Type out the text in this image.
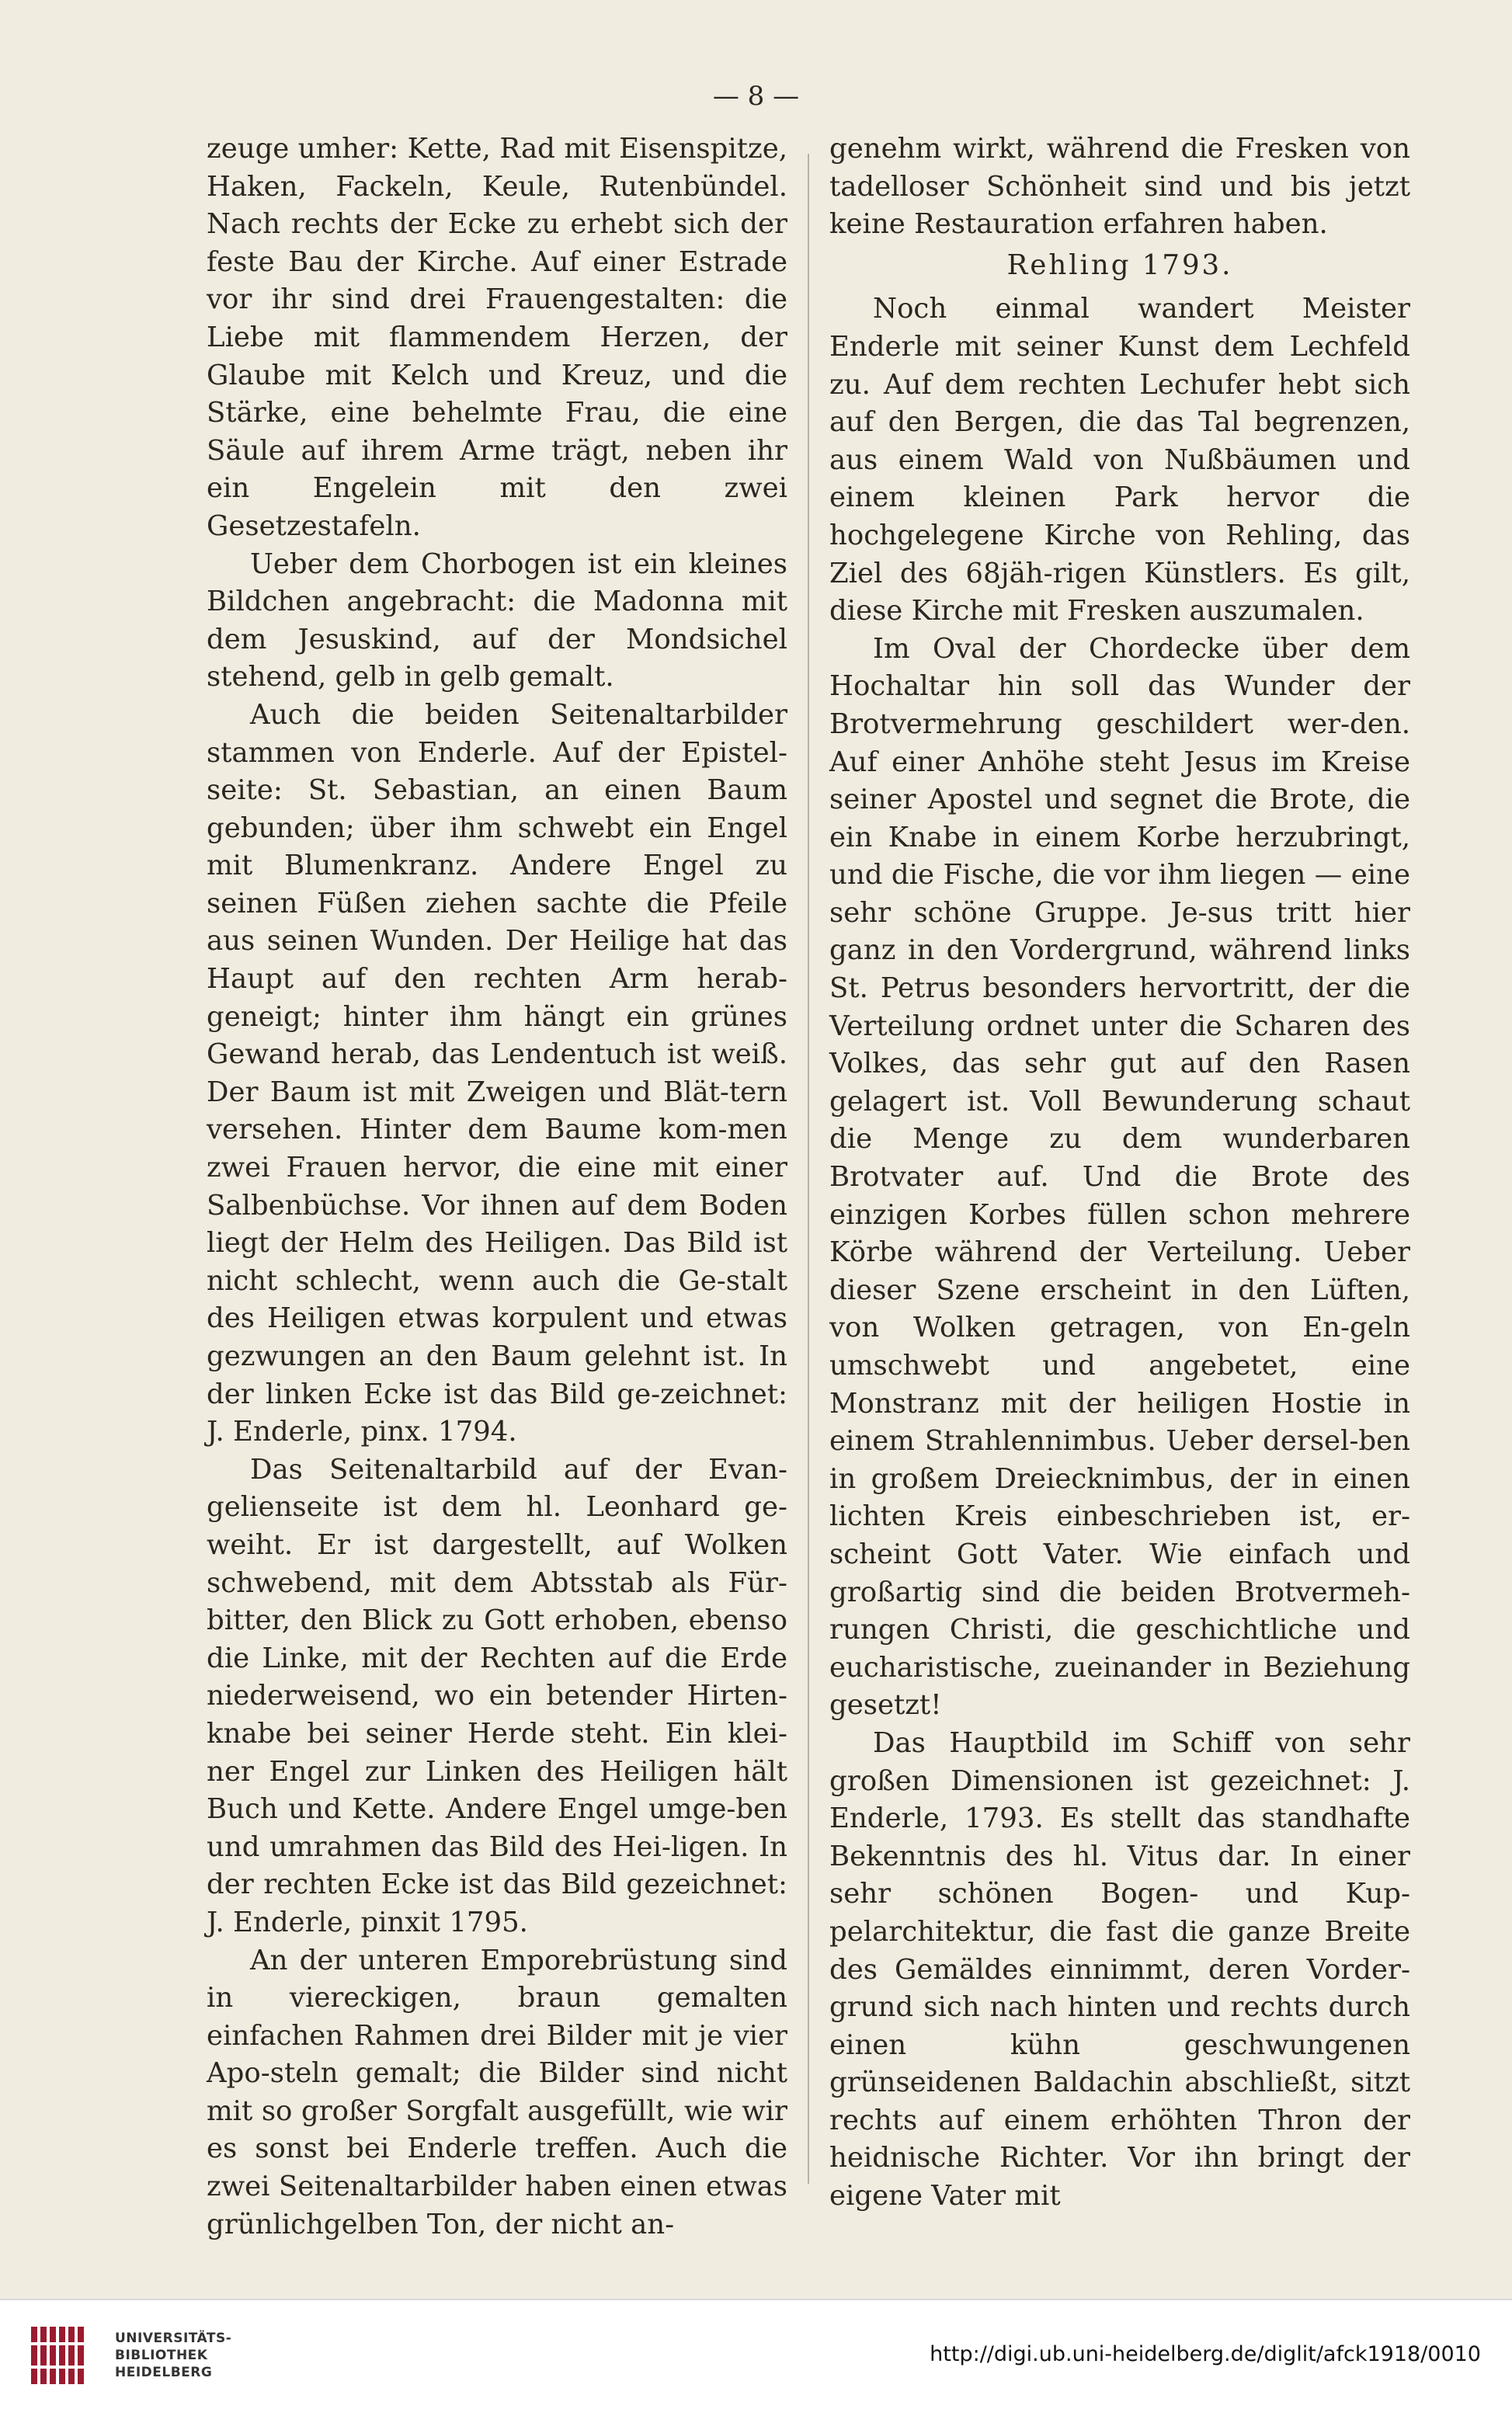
— 8 —

zeuge umher: Kette, Rad mit Eisenspitze, Haken, Fackeln, Keule, Rutenbündel. Nach rechts der Ecke zu erhebt sich der feste Bau der Kirche. Auf einer Estrade vor ihr sind drei Frauengestalten: die Liebe mit flammendem Herzen, der Glaube mit Kelch und Kreuz, und die Stärke, eine behelmte Frau, die eine Säule auf ihrem Arme trägt, neben ihr ein Engelein mit den zwei Gesetzestafeln.

Ueber dem Chorbogen ist ein kleines Bildchen angebracht: die Madonna mit dem Jesuskind, auf der Mondsichel stehend, gelb in gelb gemalt.

Auch die beiden Seitenaltarbilder stammen von Enderle. Auf der Epistel-seite: St. Sebastian, an einen Baum gebunden; über ihm schwebt ein Engel mit Blumenkranz. Andere Engel zu seinen Füßen ziehen sachte die Pfeile aus seinen Wunden. Der Heilige hat das Haupt auf den rechten Arm herab-geneigt; hinter ihm hängt ein grünes Gewand herab, das Lendentuch ist weiß. Der Baum ist mit Zweigen und Blät-tern versehen. Hinter dem Baume kom-men zwei Frauen hervor, die eine mit einer Salbenbüchse. Vor ihnen auf dem Boden liegt der Helm des Heiligen. Das Bild ist nicht schlecht, wenn auch die Ge-stalt des Heiligen etwas korpulent und etwas gezwungen an den Baum gelehnt ist. In der linken Ecke ist das Bild ge-zeichnet: J. Enderle, pinx. 1794.

Das Seitenaltarbild auf der Evan-gelienseite ist dem hl. Leonhard ge-weiht. Er ist dargestellt, auf Wolken schwebend, mit dem Abtsstab als Für-bitter, den Blick zu Gott erhoben, ebenso die Linke, mit der Rechten auf die Erde niederweisend, wo ein betender Hirten-knabe bei seiner Herde steht. Ein klei-ner Engel zur Linken des Heiligen hält Buch und Kette. Andere Engel umge-ben und umrahmen das Bild des Hei-ligen. In der rechten Ecke ist das Bild gezeichnet: J. Enderle, pinxit 1795.

An der unteren Emporebrüstung sind in viereckigen, braun gemalten einfachen Rahmen drei Bilder mit je vier Apo-steln gemalt; die Bilder sind nicht mit so großer Sorgfalt ausgefüllt, wie wir es sonst bei Enderle treffen. Auch die zwei Seitenaltarbilder haben einen etwas grünlichgelben Ton, der nicht an-

genehm wirkt, während die Fresken von tadelloser Schönheit sind und bis jetzt keine Restauration erfahren haben.

Rehling 1793.

Noch einmal wandert Meister Enderle mit seiner Kunst dem Lechfeld zu. Auf dem rechten Lechufer hebt sich auf den Bergen, die das Tal begrenzen, aus einem Wald von Nußbäumen und einem kleinen Park hervor die hochgelegene Kirche von Rehling, das Ziel des 68jäh-rigen Künstlers. Es gilt, diese Kirche mit Fresken auszumalen.

Im Oval der Chordecke über dem Hochaltar hin soll das Wunder der Brotvermehrung geschildert wer-den. Auf einer Anhöhe steht Jesus im Kreise seiner Apostel und segnet die Brote, die ein Knabe in einem Korbe herzubringt, und die Fische, die vor ihm liegen — eine sehr schöne Gruppe. Je-sus tritt hier ganz in den Vordergrund, während links St. Petrus besonders hervortritt, der die Verteilung ordnet unter die Scharen des Volkes, das sehr gut auf den Rasen gelagert ist. Voll Bewunderung schaut die Menge zu dem wunderbaren Brotvater auf. Und die Brote des einzigen Korbes füllen schon mehrere Körbe während der Verteilung. Ueber dieser Szene erscheint in den Lüften, von Wolken getragen, von En-geln umschwebt und angebetet, eine Monstranz mit der heiligen Hostie in einem Strahlennimbus. Ueber dersel-ben in großem Dreiecknimbus, der in einen lichten Kreis einbeschrieben ist, er-scheint Gott Vater. Wie einfach und großartig sind die beiden Brotvermeh-rungen Christi, die geschichtliche und eucharistische, zueinander in Beziehung gesetzt!

Das Hauptbild im Schiff von sehr großen Dimensionen ist gezeichnet: J. Enderle, 1793. Es stellt das standhafte Bekenntnis des hl. Vitus dar. In einer sehr schönen Bogen- und Kup-pelarchitektur, die fast die ganze Breite des Gemäldes einnimmt, deren Vorder-grund sich nach hinten und rechts durch einen kühn geschwungenen grünseidenen Baldachin abschließt, sitzt rechts auf einem erhöhten Thron der heidnische Richter. Vor ihn bringt der eigene Vater mit

UNIVERSITÄTS-
BIBLIOTHEK
HEIDELBERG
http://digi.ub.uni-heidelberg.de/diglit/afck1918/0010
